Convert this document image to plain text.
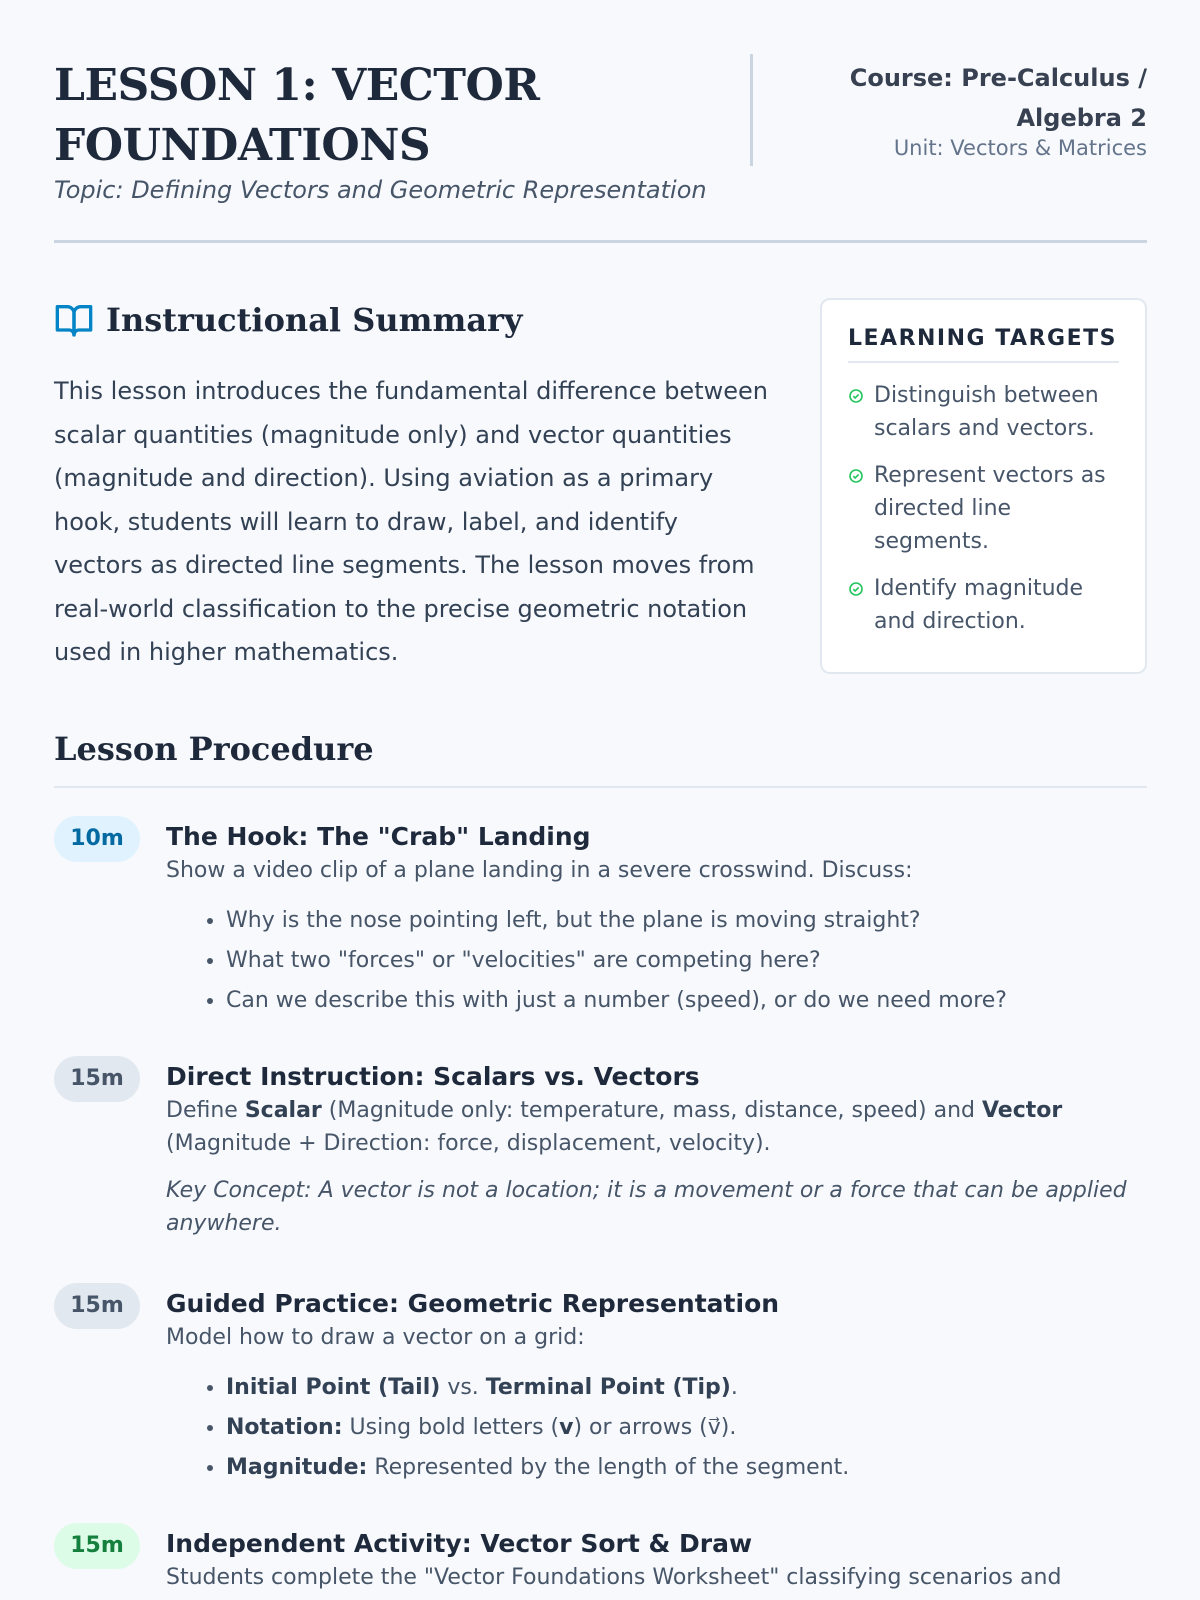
LESSON 1: VECTOR FOUNDATIONS
Topic: Defining Vectors and Geometric Representation
Course: Pre-Calculus / Algebra 2
Unit: Vectors & Matrices
Instructional Summary
This lesson introduces the fundamental difference between scalar quantities (magnitude only) and vector quantities (magnitude and direction). Using aviation as a primary hook, students will learn to draw, label, and identify vectors as directed line segments. The lesson moves from real-world classification to the precise geometric notation used in higher mathematics.
LEARNING TARGETS
Distinguish between scalars and vectors.
Represent vectors as directed line segments.
Identify magnitude and direction.
Lesson Procedure
10m	The Hook: The "Crab" Landing
Show a video clip of a plane landing in a severe crosswind. Discuss:
• Why is the nose pointing left, but the plane is moving straight?
• What two "forces" or "velocities" are competing here?
• Can we describe this with just a number (speed), or do we need more?
15m	Direct Instruction: Scalars vs. Vectors
Define Scalar (Magnitude only: temperature, mass, distance, speed) and Vector (Magnitude + Direction: force, displacement, velocity).
Key Concept: A vector is not a location; it is a movement or a force that can be applied anywhere.
15m	Guided Practice: Geometric Representation
Model how to draw a vector on a grid:
• Initial Point (Tail) vs. Terminal Point (Tip).
• Notation: Using bold letters (v) or arrows (v⃗).
• Magnitude: Represented by the length of the segment.
15m	Independent Activity: Vector Sort & Draw
Students complete the "Vector Foundations Worksheet" classifying scenarios and
